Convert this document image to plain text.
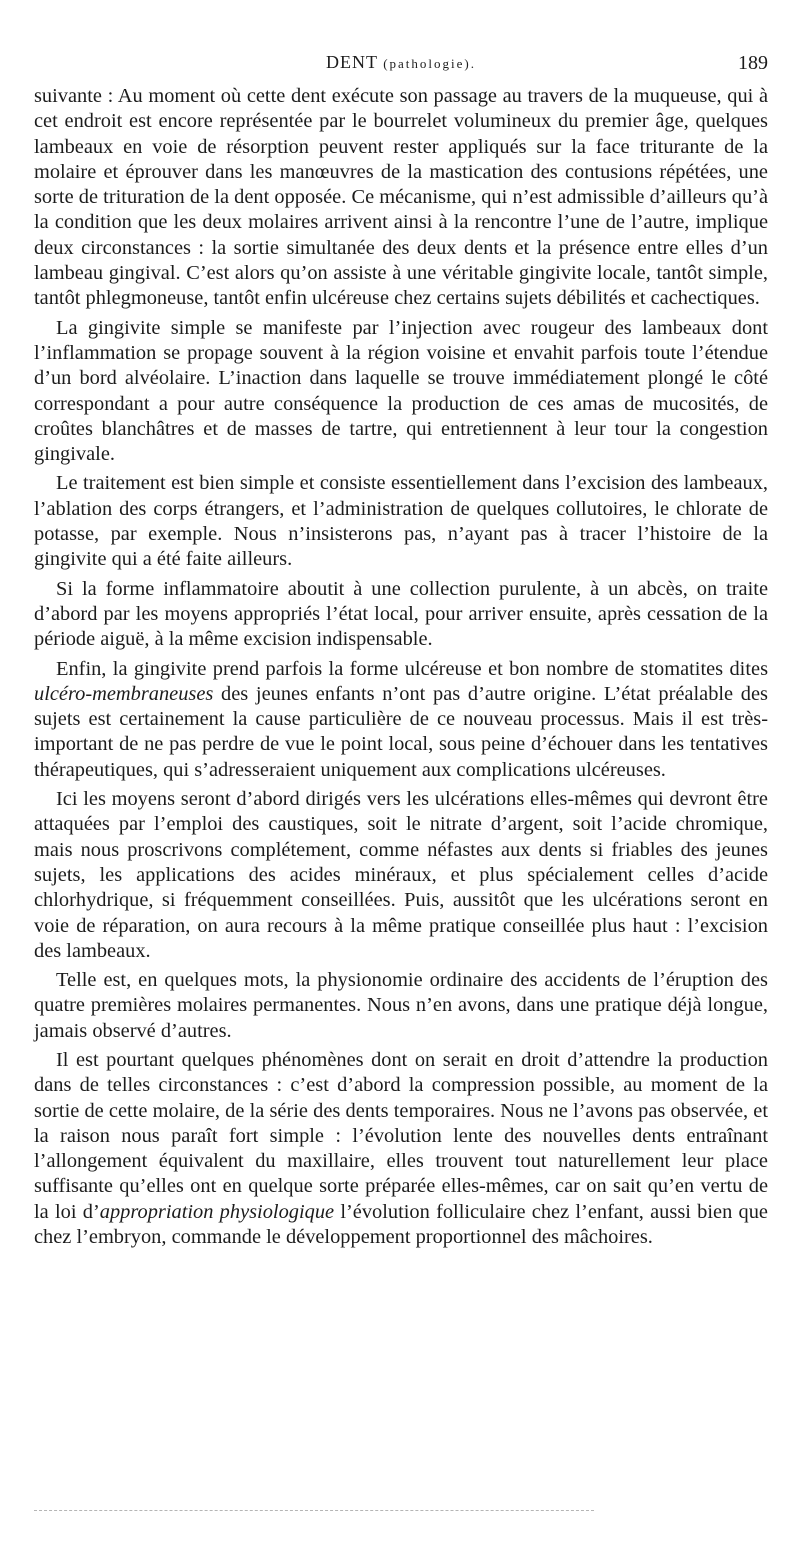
DENT (pathologie).	189

suivante : Au moment où cette dent exécute son passage au travers de la muqueuse, qui à cet endroit est encore représentée par le bourrelet volumineux du premier âge, quelques lambeaux en voie de résorption peuvent rester appliqués sur la face triturante de la molaire et éprouver dans les manœuvres de la mastication des contusions répétées, une sorte de trituration de la dent opposée. Ce mécanisme, qui n’est admissible d’ailleurs qu’à la condition que les deux molaires arrivent ainsi à la rencontre l’une de l’autre, implique deux circonstances : la sortie simultanée des deux dents et la présence entre elles d’un lambeau gingival. C’est alors qu’on assiste à une véritable gingivite locale, tantôt simple, tantôt phlegmoneuse, tantôt enfin ulcéreuse chez certains sujets débilités et cachectiques.

La gingivite simple se manifeste par l’injection avec rougeur des lambeaux dont l’inflammation se propage souvent à la région voisine et envahit parfois toute l’étendue d’un bord alvéolaire. L’inaction dans laquelle se trouve immédiatement plongé le côté correspondant a pour autre conséquence la production de ces amas de mucosités, de croûtes blanchâtres et de masses de tartre, qui entretiennent à leur tour la congestion gingivale.

Le traitement est bien simple et consiste essentiellement dans l’excision des lambeaux, l’ablation des corps étrangers, et l’administration de quelques collutoires, le chlorate de potasse, par exemple. Nous n’insisterons pas, n’ayant pas à tracer l’histoire de la gingivite qui a été faite ailleurs.

Si la forme inflammatoire aboutit à une collection purulente, à un abcès, on traite d’abord par les moyens appropriés l’état local, pour arriver ensuite, après cessation de la période aiguë, à la même excision indispensable.

Enfin, la gingivite prend parfois la forme ulcéreuse et bon nombre de stomatites dites ulcéro-membraneuses des jeunes enfants n’ont pas d’autre origine. L’état préalable des sujets est certainement la cause particulière de ce nouveau processus. Mais il est très-important de ne pas perdre de vue le point local, sous peine d’échouer dans les tentatives thérapeutiques, qui s’adresseraient uniquement aux complications ulcéreuses.

Ici les moyens seront d’abord dirigés vers les ulcérations elles-mêmes qui devront être attaquées par l’emploi des caustiques, soit le nitrate d’argent, soit l’acide chromique, mais nous proscrivons complétement, comme néfastes aux dents si friables des jeunes sujets, les applications des acides minéraux, et plus spécialement celles d’acide chlorhydrique, si fréquemment conseillées. Puis, aussitôt que les ulcérations seront en voie de réparation, on aura recours à la même pratique conseillée plus haut : l’excision des lambeaux.

Telle est, en quelques mots, la physionomie ordinaire des accidents de l’éruption des quatre premières molaires permanentes. Nous n’en avons, dans une pratique déjà longue, jamais observé d’autres.

Il est pourtant quelques phénomènes dont on serait en droit d’attendre la production dans de telles circonstances : c’est d’abord la compression possible, au moment de la sortie de cette molaire, de la série des dents temporaires. Nous ne l’avons pas observée, et la raison nous paraît fort simple : l’évolution lente des nouvelles dents entraînant l’allongement équivalent du maxillaire, elles trouvent tout naturellement leur place suffisante qu’elles ont en quelque sorte préparée elles-mêmes, car on sait qu’en vertu de la loi d’appropriation physiologique l’évolution folliculaire chez l’enfant, aussi bien que chez l’embryon, commande le développement proportionnel des mâchoires.
